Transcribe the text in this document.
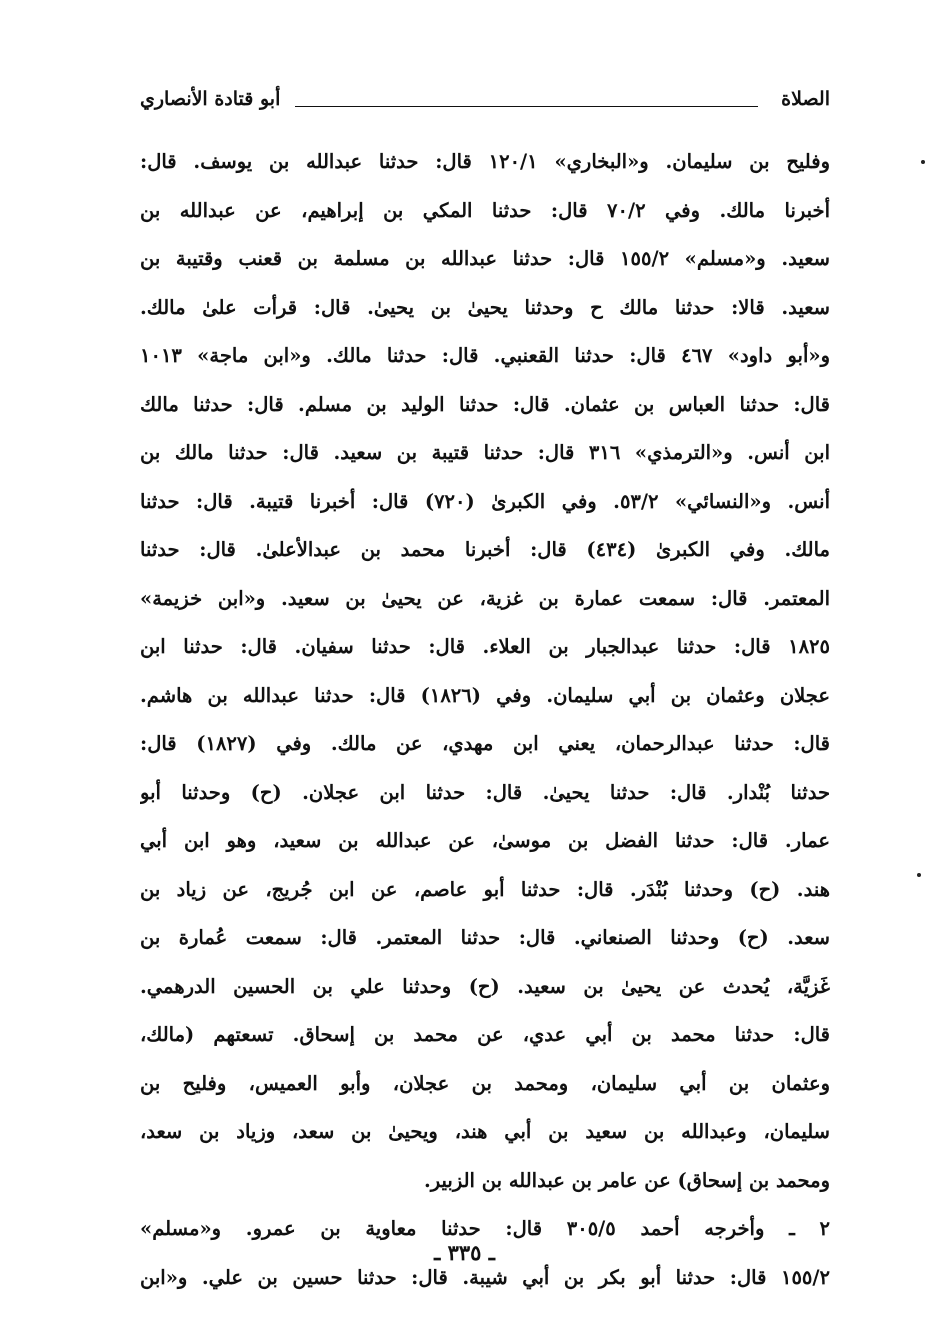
الصلاة
أبو قتادة الأنصاري
وفليح بن سليمان. و«البخاري» ١٢٠/١ قال: حدثنا عبدالله بن يوسف. قال:
أخبرنا مالك. وفي ٧٠/٢ قال: حدثنا المكي بن إبراهيم، عن عبدالله بن
سعيد. و«مسلم» ١٥٥/٢ قال: حدثنا عبدالله بن مسلمة بن قعنب وقتيبة بن
سعيد. قالا: حدثنا مالك ح وحدثنا يحيىٰ بن يحيىٰ. قال: قرأت علىٰ مالك.
و«أبو داود» ٤٦٧ قال: حدثنا القعنبي. قال: حدثنا مالك. و«ابن ماجة» ١٠١٣
قال: حدثنا العباس بن عثمان. قال: حدثنا الوليد بن مسلم. قال: حدثنا مالك
ابن أنس. و«الترمذي» ٣١٦ قال: حدثنا قتيبة بن سعيد. قال: حدثنا مالك بن
أنس. و«النسائي» ٥٣/٢. وفي الكبرىٰ (٧٢٠) قال: أخبرنا قتيبة. قال: حدثنا
مالك. وفي الكبرىٰ (٤٣٤) قال: أخبرنا محمد بن عبدالأعلىٰ. قال: حدثنا
المعتمر. قال: سمعت عمارة بن غزية، عن يحيىٰ بن سعيد. و«ابن خزيمة»
١٨٢٥ قال: حدثنا عبدالجبار بن العلاء. قال: حدثنا سفيان. قال: حدثنا ابن
عجلان وعثمان بن أبي سليمان. وفي (١٨٢٦) قال: حدثنا عبدالله بن هاشم.
قال: حدثنا عبدالرحمان، يعني ابن مهدي، عن مالك. وفي (١٨٢٧) قال:
حدثنا بُنْدار. قال: حدثنا يحيىٰ. قال: حدثنا ابن عجلان. (ح) وحدثنا أبو
عمار. قال: حدثنا الفضل بن موسىٰ، عن عبدالله بن سعيد، وهو ابن أبي
هند. (ح) وحدثنا بُنْدَر. قال: حدثنا أبو عاصم، عن ابن جُريج، عن زياد بن
سعد. (ح) وحدثنا الصنعاني. قال: حدثنا المعتمر. قال: سمعت عُمارة بن
غَزيَّة، يُحدث عن يحيىٰ بن سعيد. (ح) وحدثنا علي بن الحسين الدرهمي.
قال: حدثنا محمد بن أبي عدي، عن محمد بن إسحاق. تسعتهم (مالك،
وعثمان بن أبي سليمان، ومحمد بن عجلان، وأبو العميس، وفليح بن
سليمان، وعبدالله بن سعيد بن أبي هند، ويحيىٰ بن سعد، وزياد بن سعد،
ومحمد بن إسحاق) عن عامر بن عبدالله بن الزبير.
٢ ـ وأخرجه أحمد ٣٠٥/٥ قال: حدثنا معاوية بن عمرو. و«مسلم»
١٥٥/٢ قال: حدثنا أبو بكر بن أبي شيبة. قال: حدثنا حسين بن علي. و«ابن
ـ ٣٣٥ ـ
